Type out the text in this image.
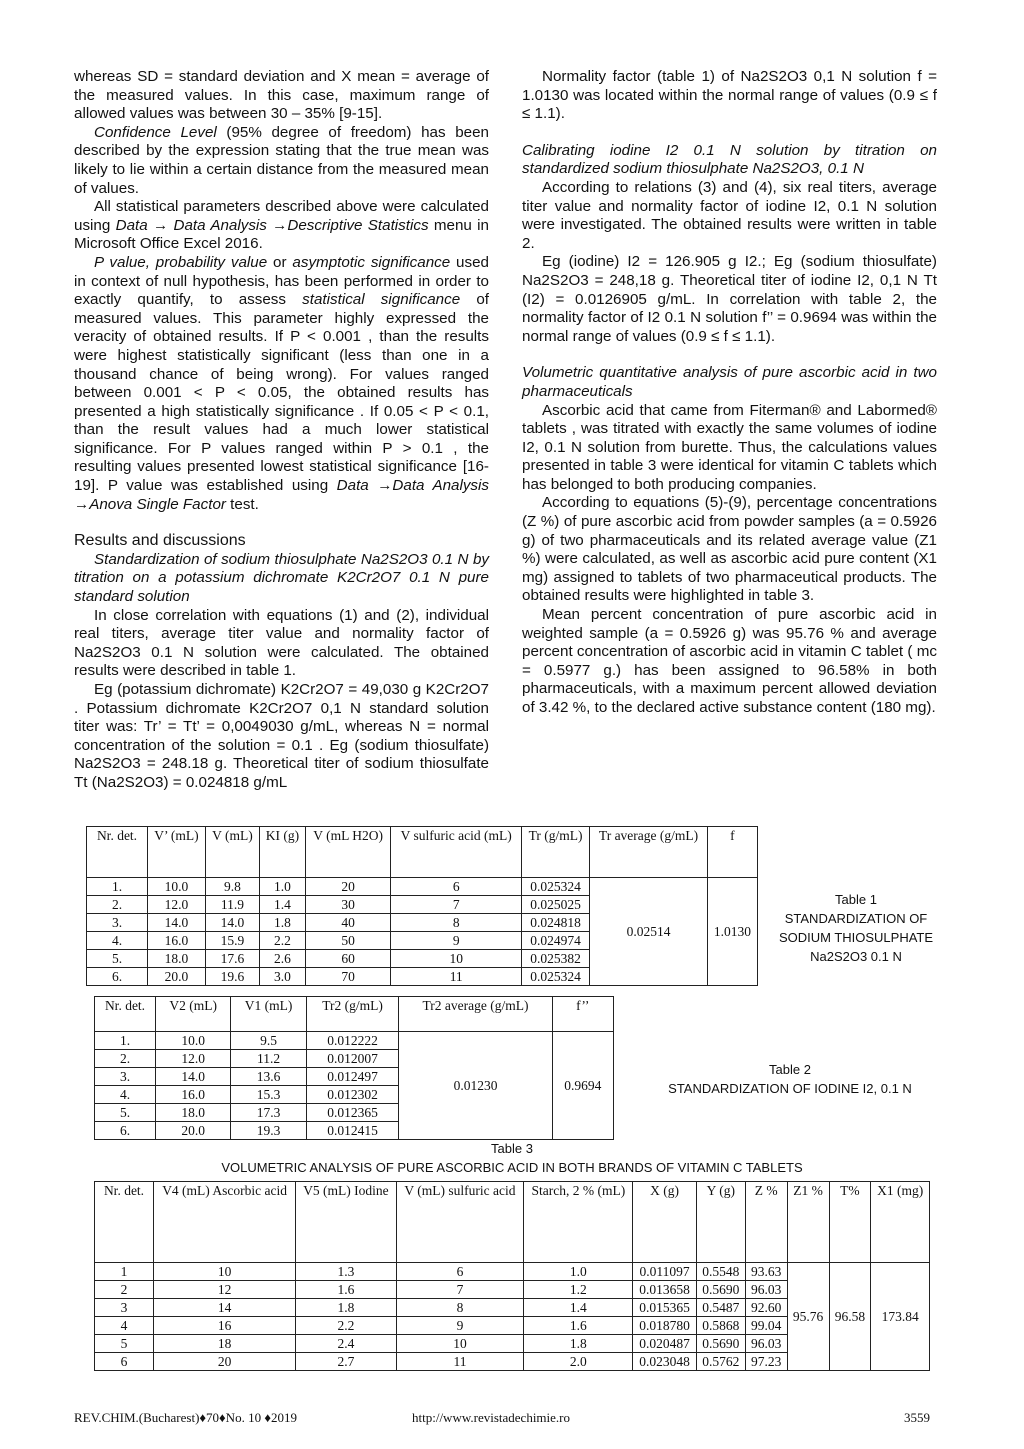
whereas SD = standard deviation and X mean = average of the measured values. In this case, maximum range of allowed values was between 30 – 35% [9-15].

Confidence Level (95% degree of freedom) has been described by the expression stating that the true mean was likely to lie within a certain distance from the measured mean of values.

All statistical parameters described above were calculated using Data → Data Analysis →Descriptive Statistics menu in Microsoft Office Excel 2016.

P value, probability value or asymptotic significance used in context of null hypothesis, has been performed in order to exactly quantify, to assess statistical significance of measured values. This parameter highly expressed the veracity of obtained results. If P < 0.001 , than the results were highest statistically significant (less than one in a thousand chance of being wrong). For values ranged between 0.001 < P < 0.05, the obtained results has presented a high statistically significance . If 0.05 < P < 0.1, than the result values had a much lower statistical significance. For P values ranged within P > 0.1 , the resulting values presented lowest statistical significance [16-19]. P value was established using Data →Data Analysis →Anova Single Factor test.

Results and discussions

Standardization of sodium thiosulphate Na2S2O3 0.1 N by titration on a potassium dichromate K2Cr2O7 0.1 N pure standard solution

In close correlation with equations (1) and (2), individual real titers, average titer value and normality factor of Na2S2O3 0.1 N solution were calculated. The obtained results were described in table 1.

Eg (potassium dichromate) K2Cr2O7 = 49,030 g K2Cr2O7 . Potassium dichromate K2Cr2O7 0,1 N standard solution titer was: Tr’ = Tt’ = 0,0049030 g/mL, whereas N = normal concentration of the solution = 0.1 . Eg (sodium thiosulfate) Na2S2O3 = 248.18 g. Theoretical titer of sodium thiosulfate Tt (Na2S2O3) = 0.024818 g/mL

Normality factor (table 1) of Na2S2O3 0,1 N solution f = 1.0130 was located within the normal range of values (0.9 ≤ f ≤ 1.1).

Calibrating iodine I2 0.1 N solution by titration on standardized sodium thiosulphate Na2S2O3, 0.1 N

According to relations (3) and (4), six real titers, average titer value and normality factor of iodine I2, 0.1 N solution were investigated. The obtained results were written in table 2.

Eg (iodine) I2 = 126.905 g I2.; Eg (sodium thiosulfate) Na2S2O3 = 248,18 g. Theoretical titer of iodine I2, 0,1 N Tt (I2) = 0.0126905 g/mL. In correlation with table 2, the normality factor of I2 0.1 N solution f’’ = 0.9694 was within the normal range of values (0.9 ≤ f ≤ 1.1).

Volumetric quantitative analysis of pure ascorbic acid in two pharmaceuticals

Ascorbic acid that came from Fiterman® and Labormed® tablets , was titrated with exactly the same volumes of iodine I2, 0.1 N solution from burette. Thus, the calculations values presented in table 3 were identical for vitamin C tablets which has belonged to both producing companies.

According to equations (5)-(9), percentage concentrations (Z %) of pure ascorbic acid from powder samples (a = 0.5926 g) of two pharmaceuticals and its related average value (Z1 %) were calculated, as well as ascorbic acid pure content (X1 mg) assigned to tablets of two pharmaceutical products. The obtained results were highlighted in table 3.

Mean percent concentration of pure ascorbic acid in weighted sample (a = 0.5926 g) was 95.76 % and average percent concentration of ascorbic acid in vitamin C tablet ( mc = 0.5977 g.) has been assigned to 96.58% in both pharmaceuticals, with a maximum percent allowed deviation of 3.42 %, to the declared active substance content (180 mg).

Nr. det.	V’ (mL)	V (mL)	KI (g)	V (mL H2O)	V sulfuric acid (mL)	Tr (g/mL)	Tr average (g/mL)	f
1.	10.0	9.8	1.0	20	6	0.025324	0.02514	1.0130
2.	12.0	11.9	1.4	30	7	0.025025		
3.	14.0	14.0	1.8	40	8	0.024818		
4.	16.0	15.9	2.2	50	9	0.024974		
5.	18.0	17.6	2.6	60	10	0.025382		
6.	20.0	19.6	3.0	70	11	0.025324		
Table 1
STANDARDIZATION OF
SODIUM THIOSULPHATE
Na2S2O3 0.1 N
Nr. det.	V2 (mL)	V1 (mL)	Tr2 (g/mL)	Tr2 average (g/mL)	f’’
1.	10.0	9.5	0.012222	0.01230	0.9694
2.	12.0	11.2	0.012007		
3.	14.0	13.6	0.012497		
4.	16.0	15.3	0.012302		
5.	18.0	17.3	0.012365		
6.	20.0	19.3	0.012415		
Table 2
STANDARDIZATION OF IODINE I2, 0.1 N
Table 3
VOLUMETRIC ANALYSIS OF PURE ASCORBIC ACID IN BOTH BRANDS OF VITAMIN C TABLETS
Nr. det.	V4 (mL) Ascorbic acid	V5 (mL) Iodine	V (mL) sulfuric acid	Starch, 2 % (mL)	X (g)	Y (g)	Z %	Z1 %	T%	X1 (mg)
1	10	1.3	6	1.0	0.011097	0.5548	93.63	95.76	96.58	173.84
2	12	1.6	7	1.2	0.013658	0.5690	96.03			
3	14	1.8	8	1.4	0.015365	0.5487	92.60			
4	16	2.2	9	1.6	0.018780	0.5868	99.04			
5	18	2.4	10	1.8	0.020487	0.5690	96.03			
6	20	2.7	11	2.0	0.023048	0.5762	97.23			
REV.CHIM.(Bucharest)♦70♦No. 10 ♦2019	http://www.revistadechimie.ro	3559
